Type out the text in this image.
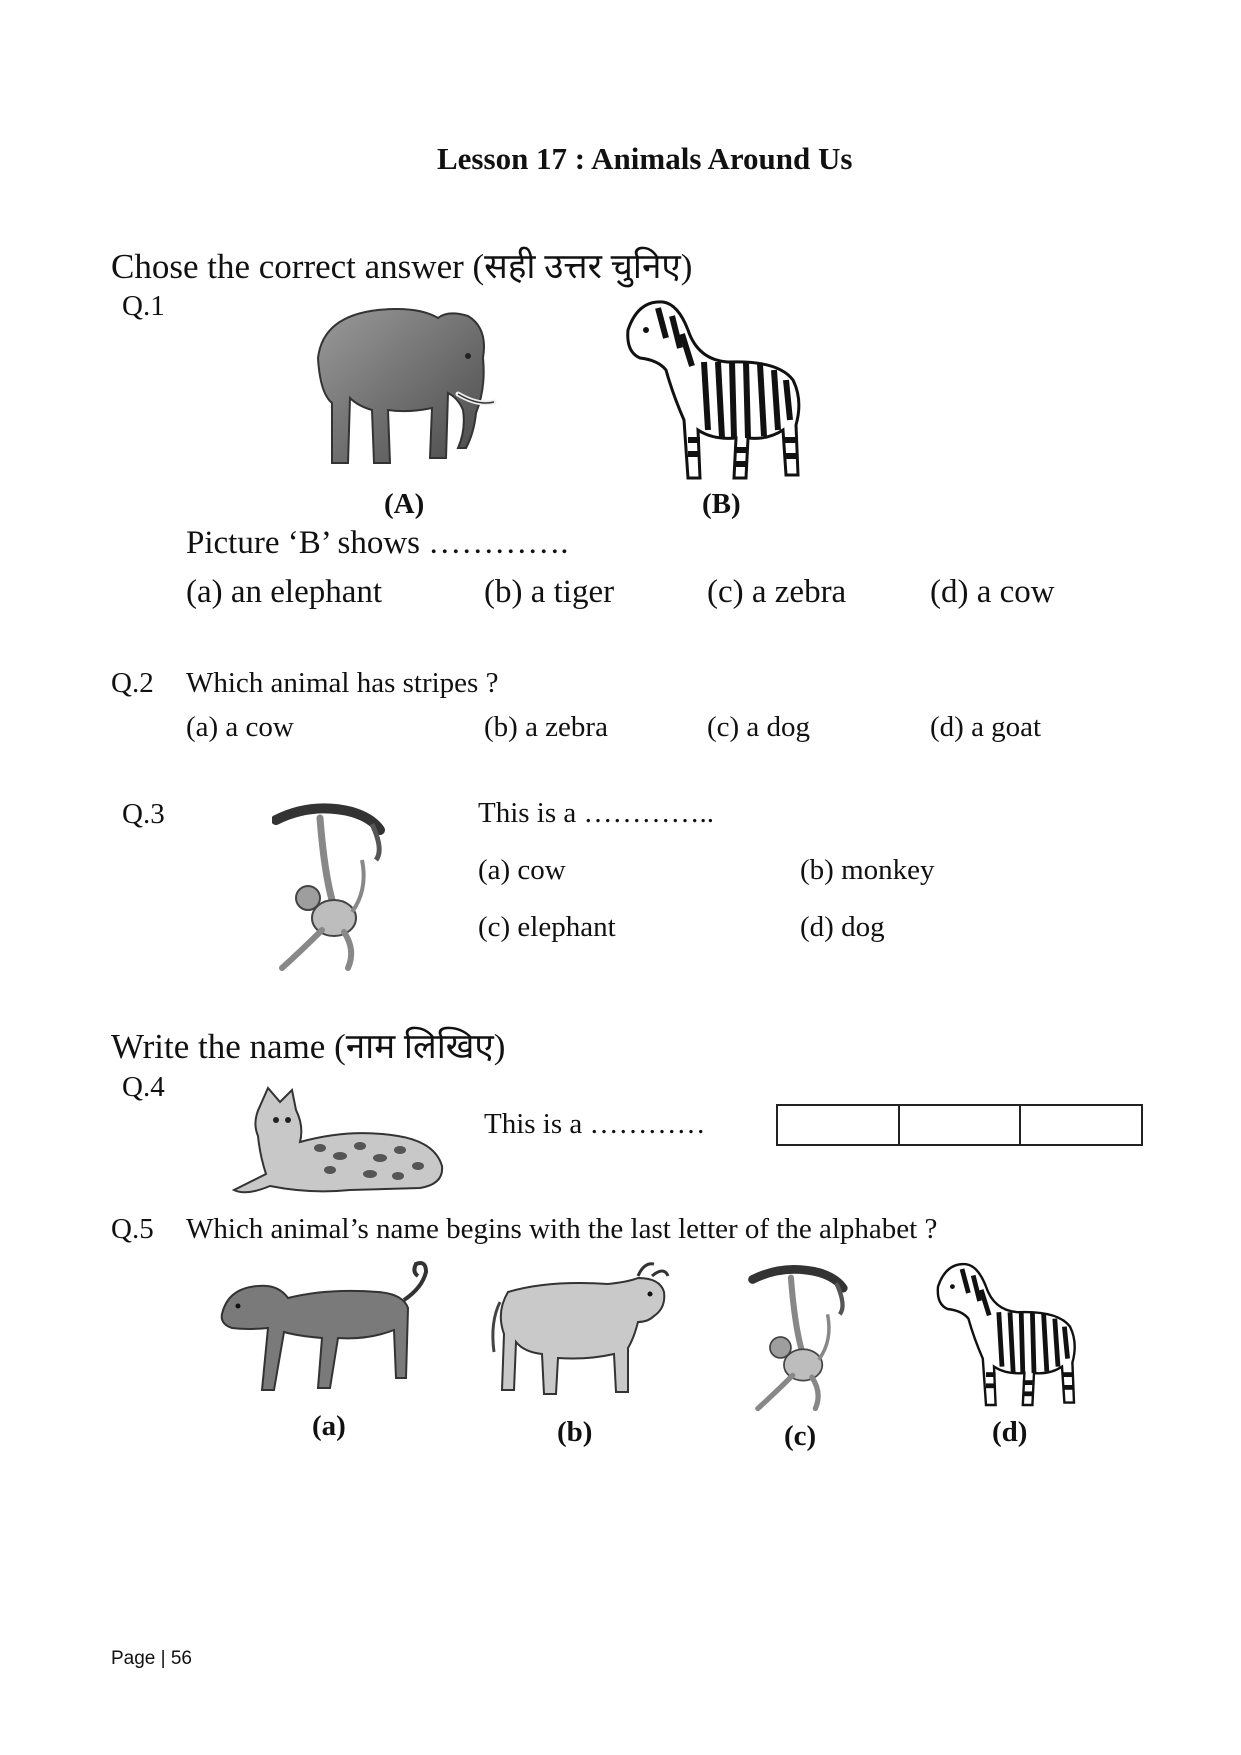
Lesson 17 : Animals Around Us
Chose the correct answer (सही उत्तर चुनिए)
Q.1
(A)	(B)
Picture ‘B’ shows ………….
(a) an elephant	(b) a tiger	(c) a zebra	(d) a cow
Q.2 Which animal has stripes ?
(a) a cow	(b) a zebra	(c) a dog	(d) a goat
Q.3	This is a …………..
(a) cow	(b) monkey
(c) elephant	(d) dog
Write the name (नाम लिखिए)
Q.4
This is a …………
Q.5 Which animal’s name begins with the last letter of the alphabet ?
(a)	(b)	(c)	(d)
Page | 56
